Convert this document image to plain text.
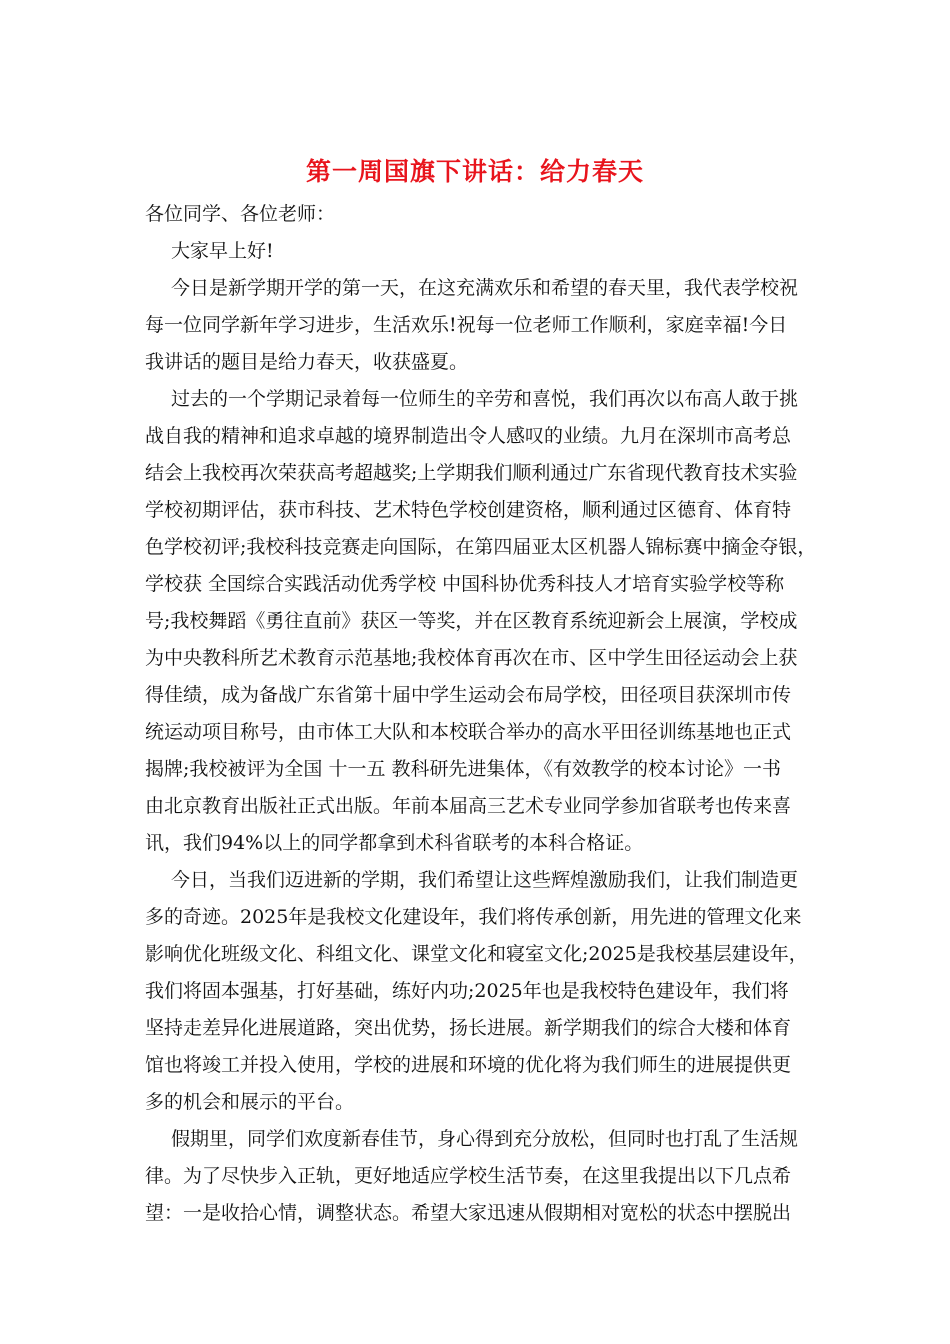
第一周国旗下讲话：给力春天
各位同学、各位老师：
大家早上好!
今日是新学期开学的第一天，在这充满欢乐和希望的春天里，我代表学校祝
每一位同学新年学习进步，生活欢乐!祝每一位老师工作顺利，家庭幸福!今日
我讲话的题目是给力春天，收获盛夏。
过去的一个学期记录着每一位师生的辛劳和喜悦，我们再次以布高人敢于挑
战自我的精神和追求卓越的境界制造出令人感叹的业绩。九月在深圳市高考总
结会上我校再次荣获高考超越奖;上学期我们顺利通过广东省现代教育技术实验
学校初期评估，获市科技、艺术特色学校创建资格，顺利通过区德育、体育特
色学校初评;我校科技竞赛走向国际，在第四届亚太区机器人锦标赛中摘金夺银，
学校获 全国综合实践活动优秀学校 中国科协优秀科技人才培育实验学校等称
号;我校舞蹈《勇往直前》获区一等奖，并在区教育系统迎新会上展演，学校成
为中央教科所艺术教育示范基地;我校体育再次在市、区中学生田径运动会上获
得佳绩，成为备战广东省第十届中学生运动会布局学校，田径项目获深圳市传
统运动项目称号，由市体工大队和本校联合举办的高水平田径训练基地也正式
揭牌;我校被评为全国 十一五 教科研先进集体，《有效教学的校本讨论》一书
由北京教育出版社正式出版。年前本届高三艺术专业同学参加省联考也传来喜
讯，我们94%以上的同学都拿到术科省联考的本科合格证。
今日，当我们迈进新的学期，我们希望让这些辉煌激励我们，让我们制造更
多的奇迹。2025年是我校文化建设年，我们将传承创新，用先进的管理文化来
影响优化班级文化、科组文化、课堂文化和寝室文化;2025是我校基层建设年，
我们将固本强基，打好基础，练好内功;2025年也是我校特色建设年，我们将
坚持走差异化进展道路，突出优势，扬长进展。新学期我们的综合大楼和体育
馆也将竣工并投入使用，学校的进展和环境的优化将为我们师生的进展提供更
多的机会和展示的平台。
假期里，同学们欢度新春佳节，身心得到充分放松，但同时也打乱了生活规
律。为了尽快步入正轨，更好地适应学校生活节奏，在这里我提出以下几点希
望：一是收拾心情，调整状态。希望大家迅速从假期相对宽松的状态中摆脱出
